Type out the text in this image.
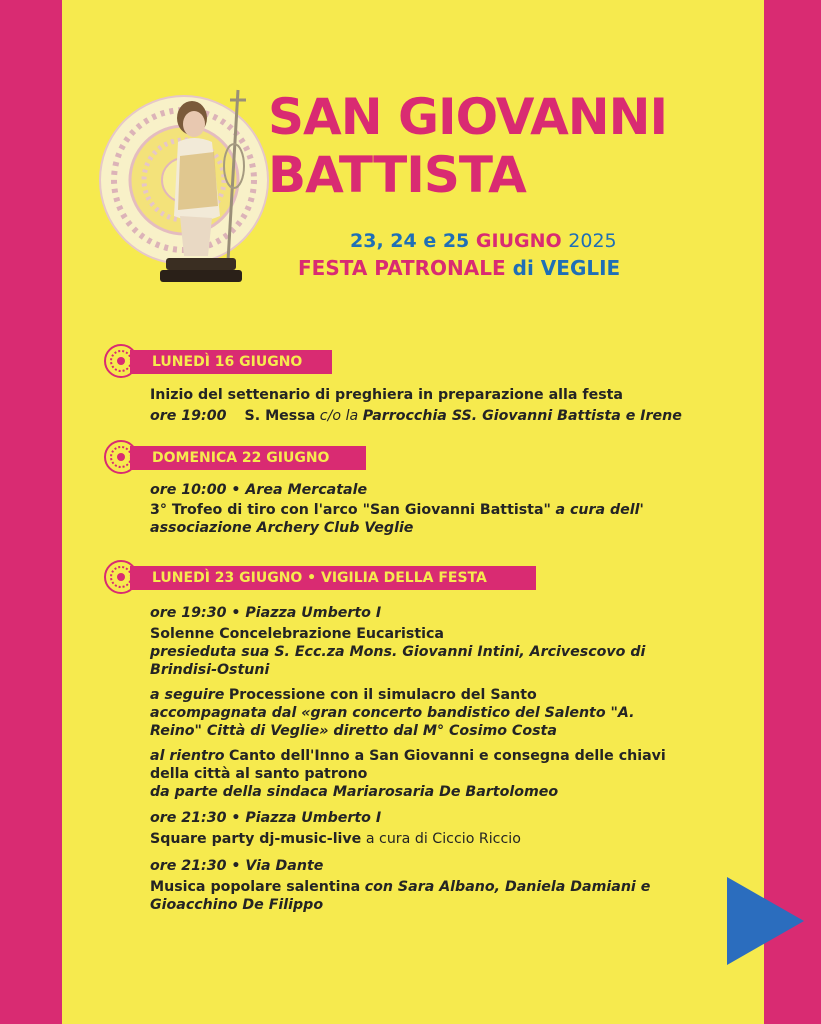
SAN GIOVANNI
BATTISTA
23, 24 e 25 GIUGNO 2025
FESTA PATRONALE di VEGLIE
LUNEDÌ 16 GIUGNO
Inizio del settenario di preghiera in preparazione alla festa
ore 19:00 S. Messa c/o la Parrocchia SS. Giovanni Battista e Irene
DOMENICA 22 GIUGNO
ore 10:00 • Area Mercatale
3° Trofeo di tiro con l'arco "San Giovanni Battista" a cura dell'
associazione Archery Club Veglie
LUNEDÌ 23 GIUGNO • VIGILIA DELLA FESTA
ore 19:30 • Piazza Umberto I
Solenne Concelebrazione Eucaristica
presieduta sua S. Ecc.za Mons. Giovanni Intini, Arcivescovo di
Brindisi-Ostuni
a seguire Processione con il simulacro del Santo
accompagnata dal «gran concerto bandistico del Salento "A.
Reino" Città di Veglie» diretto dal M° Cosimo Costa
al rientro Canto dell'Inno a San Giovanni e consegna delle chiavi
della città al santo patrono
da parte della sindaca Mariarosaria De Bartolomeo
ore 21:30 • Piazza Umberto I
Square party dj-music-live a cura di Ciccio Riccio
ore 21:30 • Via Dante
Musica popolare salentina con Sara Albano, Daniela Damiani e
Gioacchino De Filippo
